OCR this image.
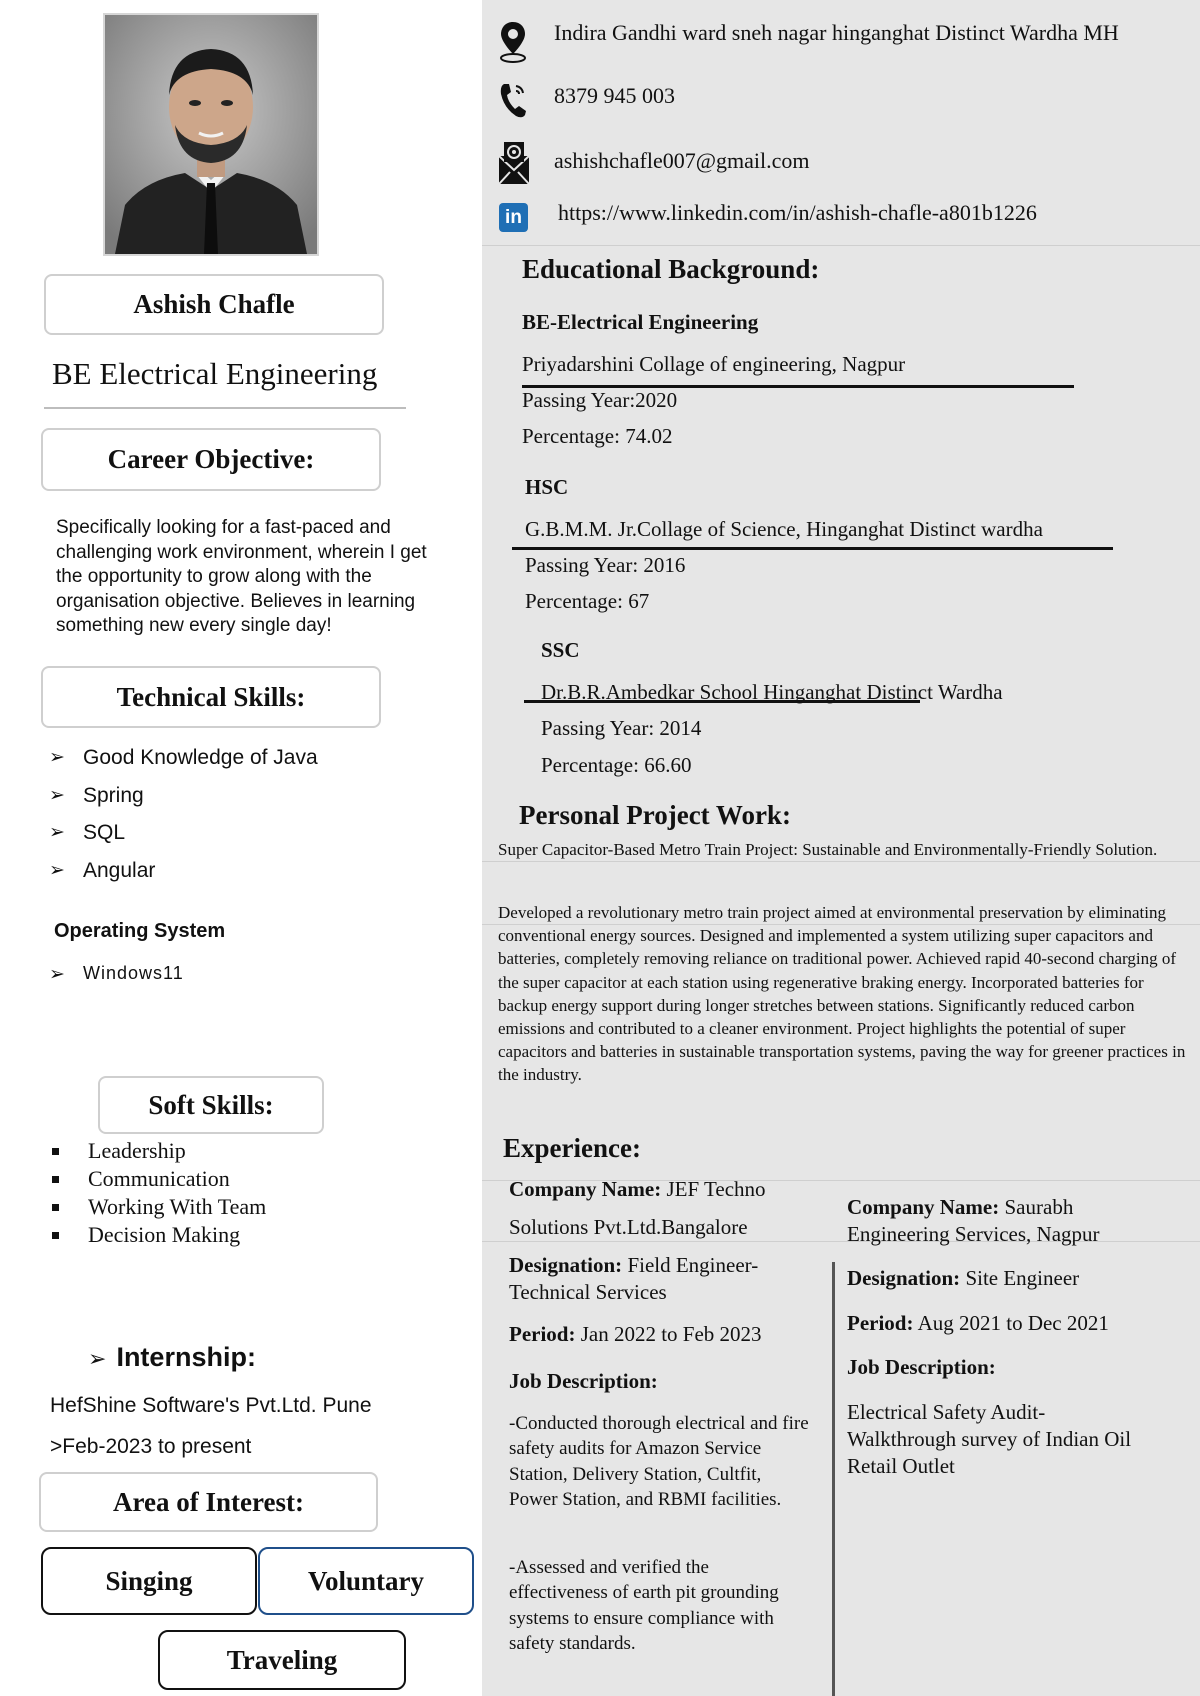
Ashish Chafle
BE Electrical Engineering
Career Objective:
Specifically looking for a fast-paced and challenging work environment, wherein I get the opportunity to grow along with the organisation objective. Believes in learning something new every single day!
Technical Skills:
➢ Good Knowledge of Java
➢ Spring
➢ SQL
➢ Angular
Operating System
➢ Windows11
Soft Skills:
Leadership
Communication
Working With Team
Decision Making
➢ Internship:
HefShine Software's Pvt.Ltd. Pune
>Feb-2023 to present
Area of Interest:
Singing	Voluntary
Traveling
Indira Gandhi ward sneh nagar hinganghat Distinct Wardha MH
8379 945 003
ashishchafle007@gmail.com
in https://www.linkedin.com/in/ashish-chafle-a801b1226
Educational Background:
BE-Electrical Engineering
Priyadarshini Collage of engineering, Nagpur
Passing Year:2020
Percentage: 74.02
HSC
G.B.M.M. Jr.Collage of Science, Hinganghat Distinct wardha
Passing Year: 2016
Percentage: 67
SSC
Dr.B.R.Ambedkar School Hinganghat Distinct Wardha
Passing Year: 2014
Percentage: 66.60
Personal Project Work:
Super Capacitor-Based Metro Train Project: Sustainable and Environmentally-Friendly Solution.
Developed a revolutionary metro train project aimed at environmental preservation by eliminating conventional energy sources. Designed and implemented a system utilizing super capacitors and batteries, completely removing reliance on traditional power. Achieved rapid 40-second charging of the super capacitor at each station using regenerative braking energy. Incorporated batteries for backup energy support during longer stretches between stations. Significantly reduced carbon emissions and contributed to a cleaner environment. Project highlights the potential of super capacitors and batteries in sustainable transportation systems, paving the way for greener practices in the industry.
Experience:
Company Name: JEF Techno Solutions Pvt.Ltd.Bangalore
Designation: Field Engineer-Technical Services
Period: Jan 2022 to Feb 2023
Job Description:
-Conducted thorough electrical and fire safety audits for Amazon Service Station, Delivery Station, Cultfit, Power Station, and RBMI facilities.
-Assessed and verified the effectiveness of earth pit grounding systems to ensure compliance with safety standards.
Company Name: Saurabh Engineering Services, Nagpur
Designation: Site Engineer
Period: Aug 2021 to Dec 2021
Job Description:
Electrical Safety Audit- Walkthrough survey of Indian Oil Retail Outlet
